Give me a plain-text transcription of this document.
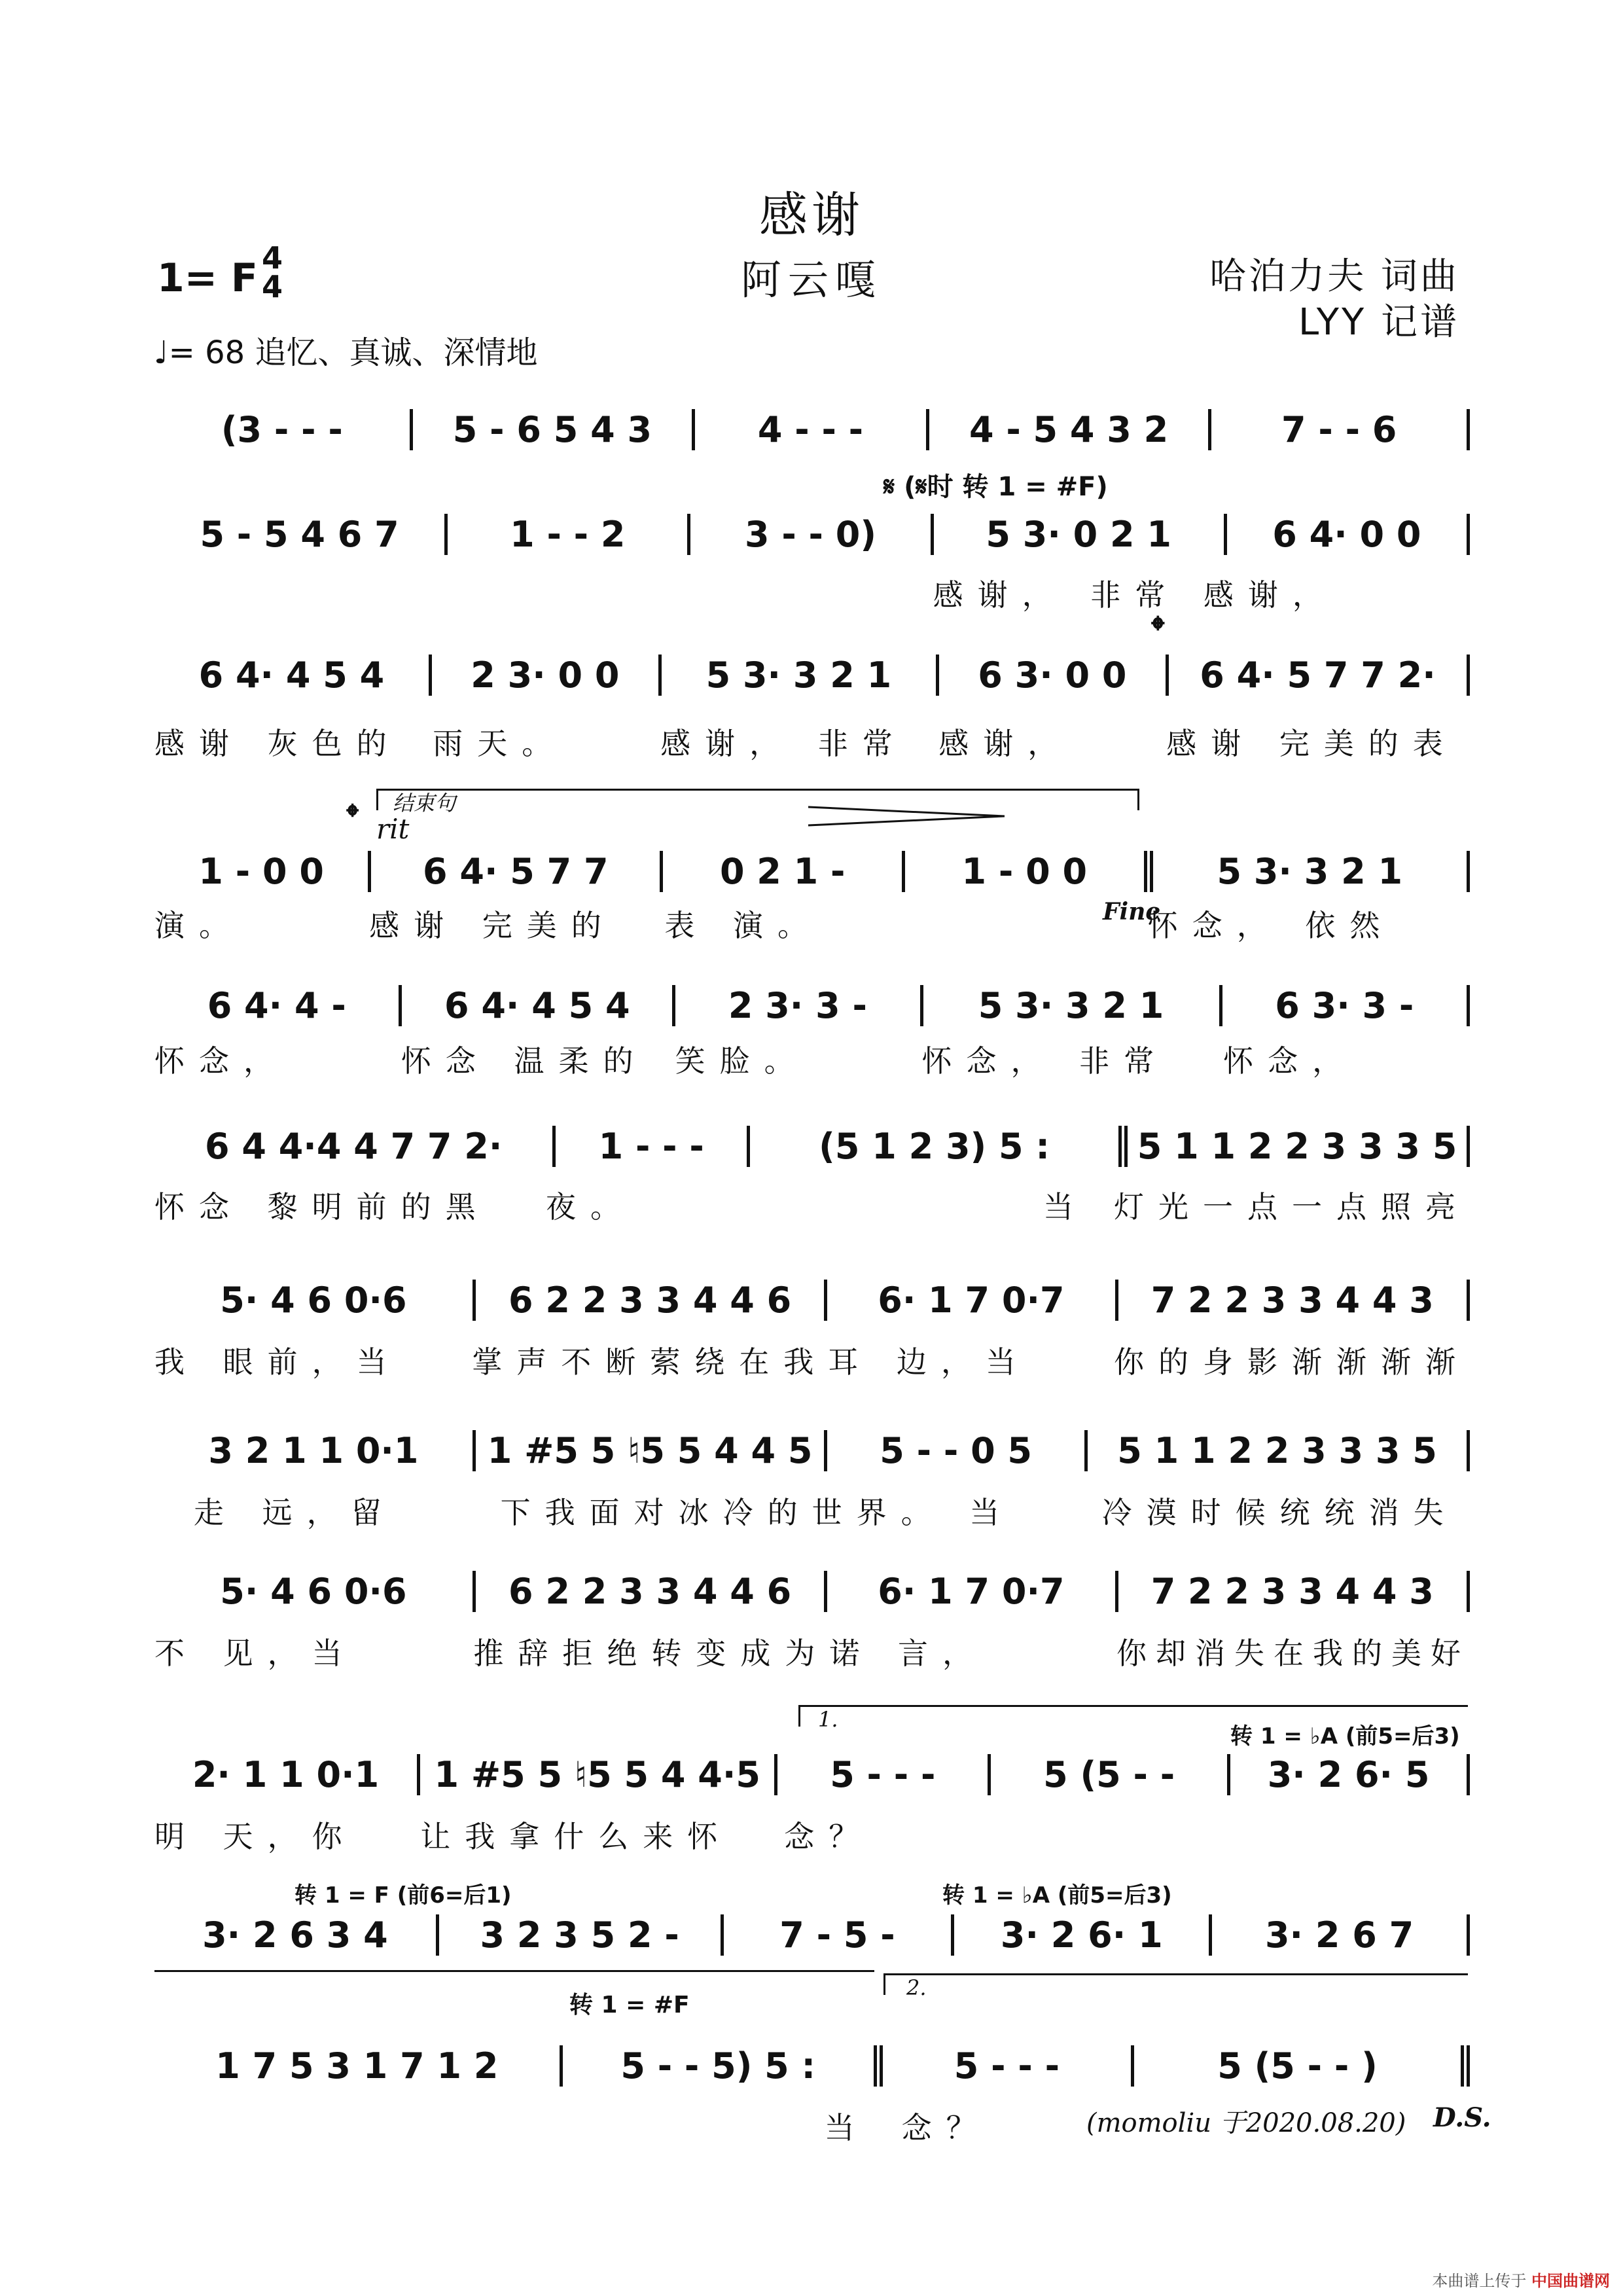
感谢
阿云嘎
1= F 4
4	哈泊力夫 词曲
LYY 记谱
♩= 68 追忆、真诚、深情地
(3 - - -	5 - 6 5 4 3	4 - - -	4 - 5 4 3 2	7 - - 6
𝄋 (𝄋时 转 1 = #F)
5 - 5 4 6 7	1 - - 2	3 - - 0)	5 3· 0 2 1	6 4· 0 0
感谢， 非常 感谢，
𝄌
6 4· 4 5 4	2 3· 0 0	5 3· 3 2 1	6 3· 0 0	6 4· 5 7 7 2·
感谢 灰色的	雨天。	感谢， 非常	感谢，	感谢 完美的表
结束句
𝄌 rit
1 - 0 0	6 4· 5 7 7	0 2 1 -	1 - 0 0	5 3· 3 2 1
演。	感谢 完美的	表 演。	怀念， 依然
Fine
6 4· 4 -	6 4· 4 5 4	2 3· 3 -	5 3· 3 2 1	6 3· 3 -
怀念，	怀念 温柔的 笑脸。	怀念， 非常	怀念，
6 4 4·4 4 7 7 2·	1 - - -	(5 1 2 3) 5 :	5 1 1 2 2 3 3 3 5
怀念 黎明前的黑	夜。	当 灯光一点一点照亮
5· 4 6 0·6	6 2 2 3 3 4 4 6	6· 1 7 0·7	7 2 2 3 3 4 4 3
我 眼前，当	掌声不断萦绕在我 耳 边，当	你的身影渐渐渐渐
3 2 1 1 0·1	1 #5 5 ♮5 5 4 4 5	5 - - 0 5	5 1 1 2 2 3 3 3 5
走 远，留	下我面对冰冷的世 界。 当	冷漠时候统统消失
5· 4 6 0·6	6 2 2 3 3 4 4 6	6· 1 7 0·7	7 2 2 3 3 4 4 3
不 见，当	推辞拒绝转变成为 诺 言，	你却消失在我的美好
1.
转 1 = ♭A (前5=后3)
2· 1 1 0·1	1 #5 5 ♮5 5 4 4·5	5 - - -	5 (5 - -	3· 2 6· 5
明 天，你	让我拿什么来怀	念？
转 1 = F (前6=后1)	转 1 = ♭A (前5=后3)
3· 2 6 3 4	3 2 3 5 2 -	7 - 5 -	3· 2 6· 1	3· 2 6 7
转 1 = #F
2.
1 7 5 3 1 7 1 2	5 - - 5) 5 :	5 - - -	5 (5 - - )
当	念？	(momoliu 于2020.08.20) D.S.
本曲谱上传于 中国曲谱网
